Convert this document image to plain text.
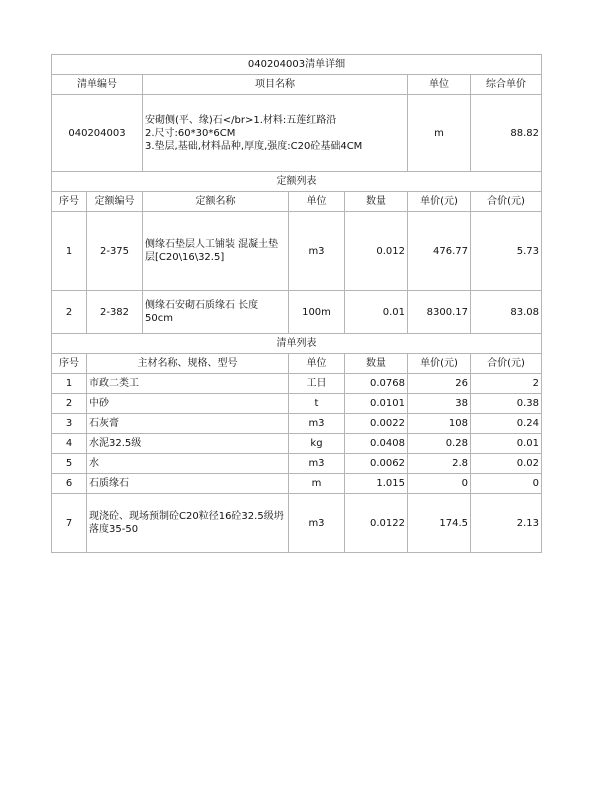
040204003清单详细						
清单编号		项目名称			单位	综合单价
040204003		安砌侧(平、缘)石</br>1.材料:五莲红路沿
2.尺寸:60*30*6CM
3.垫层,基础,材料品种,厚度,强度:C20砼基础4CM			m	88.82
定额列表						
序号	定额编号	定额名称	单位	数量	单价(元)	合价(元)
1	2-375	侧缘石垫层人工铺装 混凝土垫层[C20\16\32.5]	m3	0.012	476.77	5.73
2	2-382	侧缘石安砌石质缘石 长度50cm	100m	0.01	8300.17	83.08
清单列表						
序号	主材名称、规格、型号		单位	数量	单价(元)	合价(元)
1	市政二类工		工日	0.0768	26	2
2	中砂		t	0.0101	38	0.38
3	石灰膏		m3	0.0022	108	0.24
4	水泥32.5级		kg	0.0408	0.28	0.01
5	水		m3	0.0062	2.8	0.02
6	石质缘石		m	1.015	0	0
7	现浇砼、现场预制砼C20粒径16砼32.5级坍落度35-50		m3	0.0122	174.5	2.13
